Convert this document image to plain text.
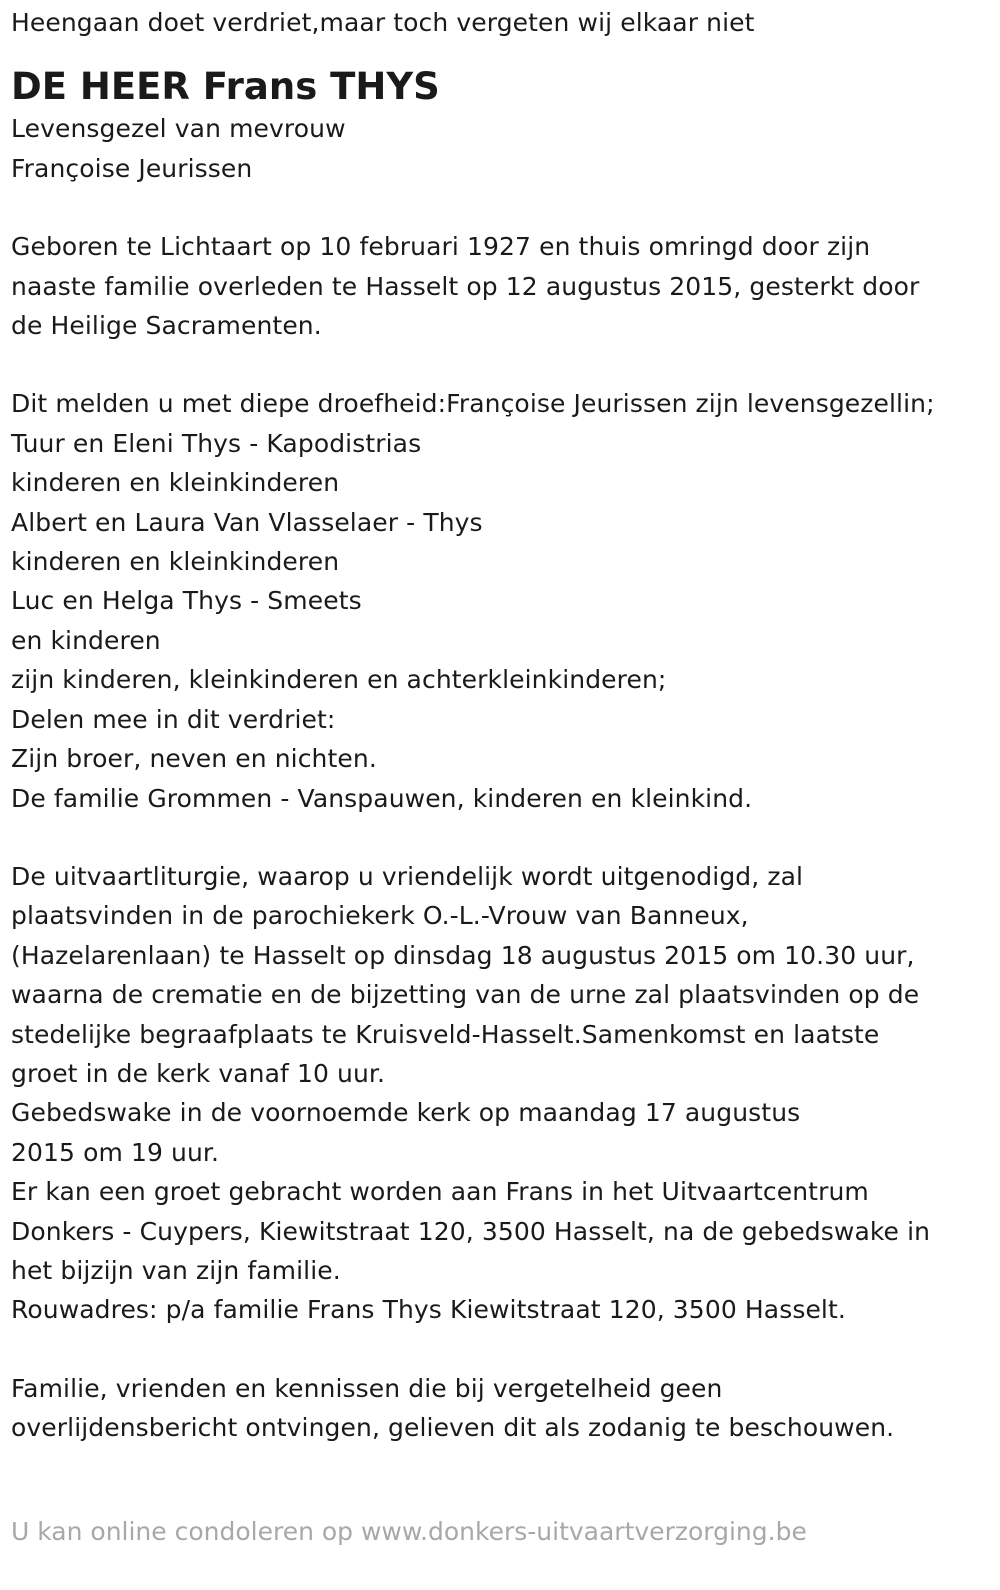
Heengaan doet verdriet,maar toch vergeten wij elkaar niet
DE HEER Frans THYS
Levensgezel van mevrouw
Françoise Jeurissen
Geboren te Lichtaart op 10 februari 1927 en thuis omringd door zijn
naaste familie overleden te Hasselt op 12 augustus 2015, gesterkt door
de Heilige Sacramenten.
Dit melden u met diepe droefheid:Françoise Jeurissen zijn levensgezellin;
Tuur en Eleni Thys - Kapodistrias
kinderen en kleinkinderen
Albert en Laura Van Vlasselaer - Thys
kinderen en kleinkinderen
Luc en Helga Thys - Smeets
en kinderen
zijn kinderen, kleinkinderen en achterkleinkinderen;
Delen mee in dit verdriet:
Zijn broer, neven en nichten.
De familie Grommen - Vanspauwen, kinderen en kleinkind.
De uitvaartliturgie, waarop u vriendelijk wordt uitgenodigd, zal
plaatsvinden in de parochiekerk O.-L.-Vrouw van Banneux,
(Hazelarenlaan) te Hasselt op dinsdag 18 augustus 2015 om 10.30 uur,
waarna de crematie en de bijzetting van de urne zal plaatsvinden op de
stedelijke begraafplaats te Kruisveld-Hasselt.Samenkomst en laatste
groet in de kerk vanaf 10 uur.
Gebedswake in de voornoemde kerk op maandag 17 augustus
2015 om 19 uur.
Er kan een groet gebracht worden aan Frans in het Uitvaartcentrum
Donkers - Cuypers, Kiewitstraat 120, 3500 Hasselt, na de gebedswake in
het bijzijn van zijn familie.
Rouwadres: p/a familie Frans Thys Kiewitstraat 120, 3500 Hasselt.
Familie, vrienden en kennissen die bij vergetelheid geen
overlijdensbericht ontvingen, gelieven dit als zodanig te beschouwen.
U kan online condoleren op www.donkers-uitvaartverzorging.be
